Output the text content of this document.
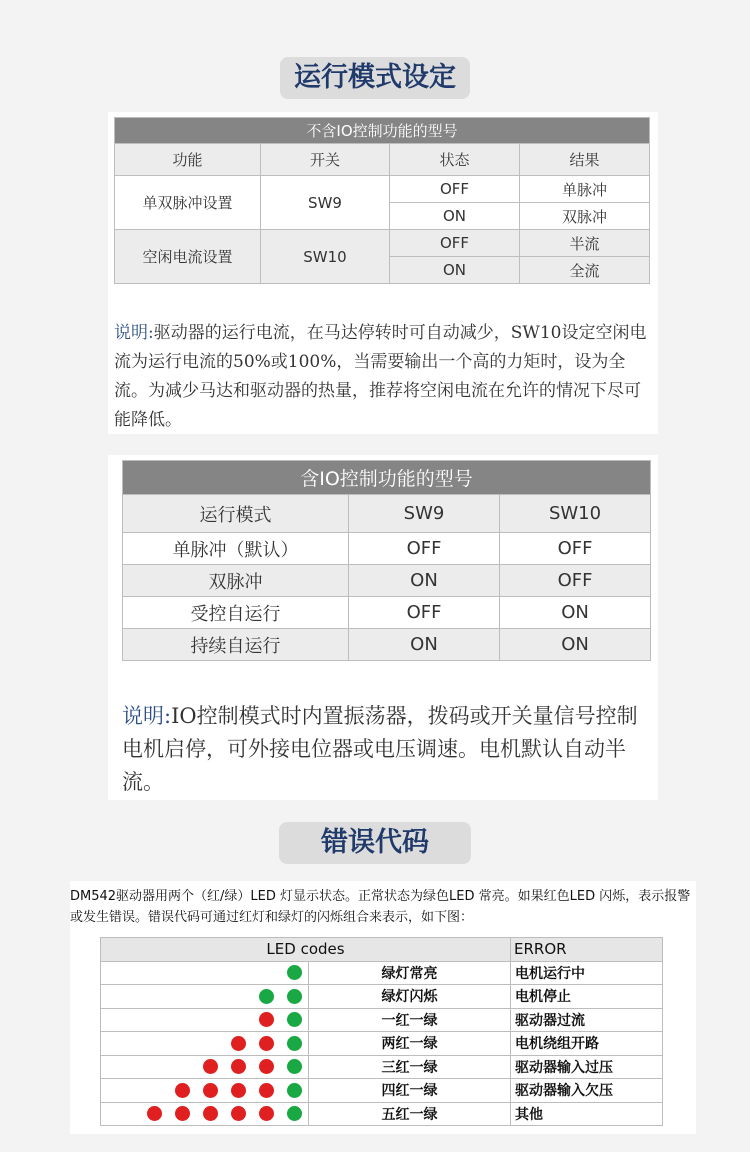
运行模式设定
不含IO控制功能的型号			
功能	开关	状态	结果
单双脉冲设置	SW9	OFF	单脉冲
		ON	双脉冲
空闲电流设置	SW10	OFF	半流
		ON	全流

说明:驱动器的运行电流，在马达停转时可自动减少，SW10设定空闲电流为运行电流的50%或100%，当需要输出一个高的力矩时，设为全流。为减少马达和驱动器的热量，推荐将空闲电流在允许的情况下尽可能降低。

含IO控制功能的型号		
运行模式	SW9	SW10
单脉冲（默认）	OFF	OFF
双脉冲	ON	OFF
受控自运行	OFF	ON
持续自运行	ON	ON

说明:IO控制模式时内置振荡器，拨码或开关量信号控制电机启停，可外接电位器或电压调速。电机默认自动半流。

错误代码

DM542驱动器用两个（红/绿）LED 灯显示状态。正常状态为绿色LED 常亮。如果红色LED 闪烁，表示报警或发生错误。错误代码可通过红灯和绿灯的闪烁组合来表示，如下图：

LED codes		ERROR
	绿灯常亮	电机运行中
	绿灯闪烁	电机停止
	一红一绿	驱动器过流
	两红一绿	电机绕组开路
	三红一绿	驱动器输入过压
	四红一绿	驱动器输入欠压
	五红一绿	其他
